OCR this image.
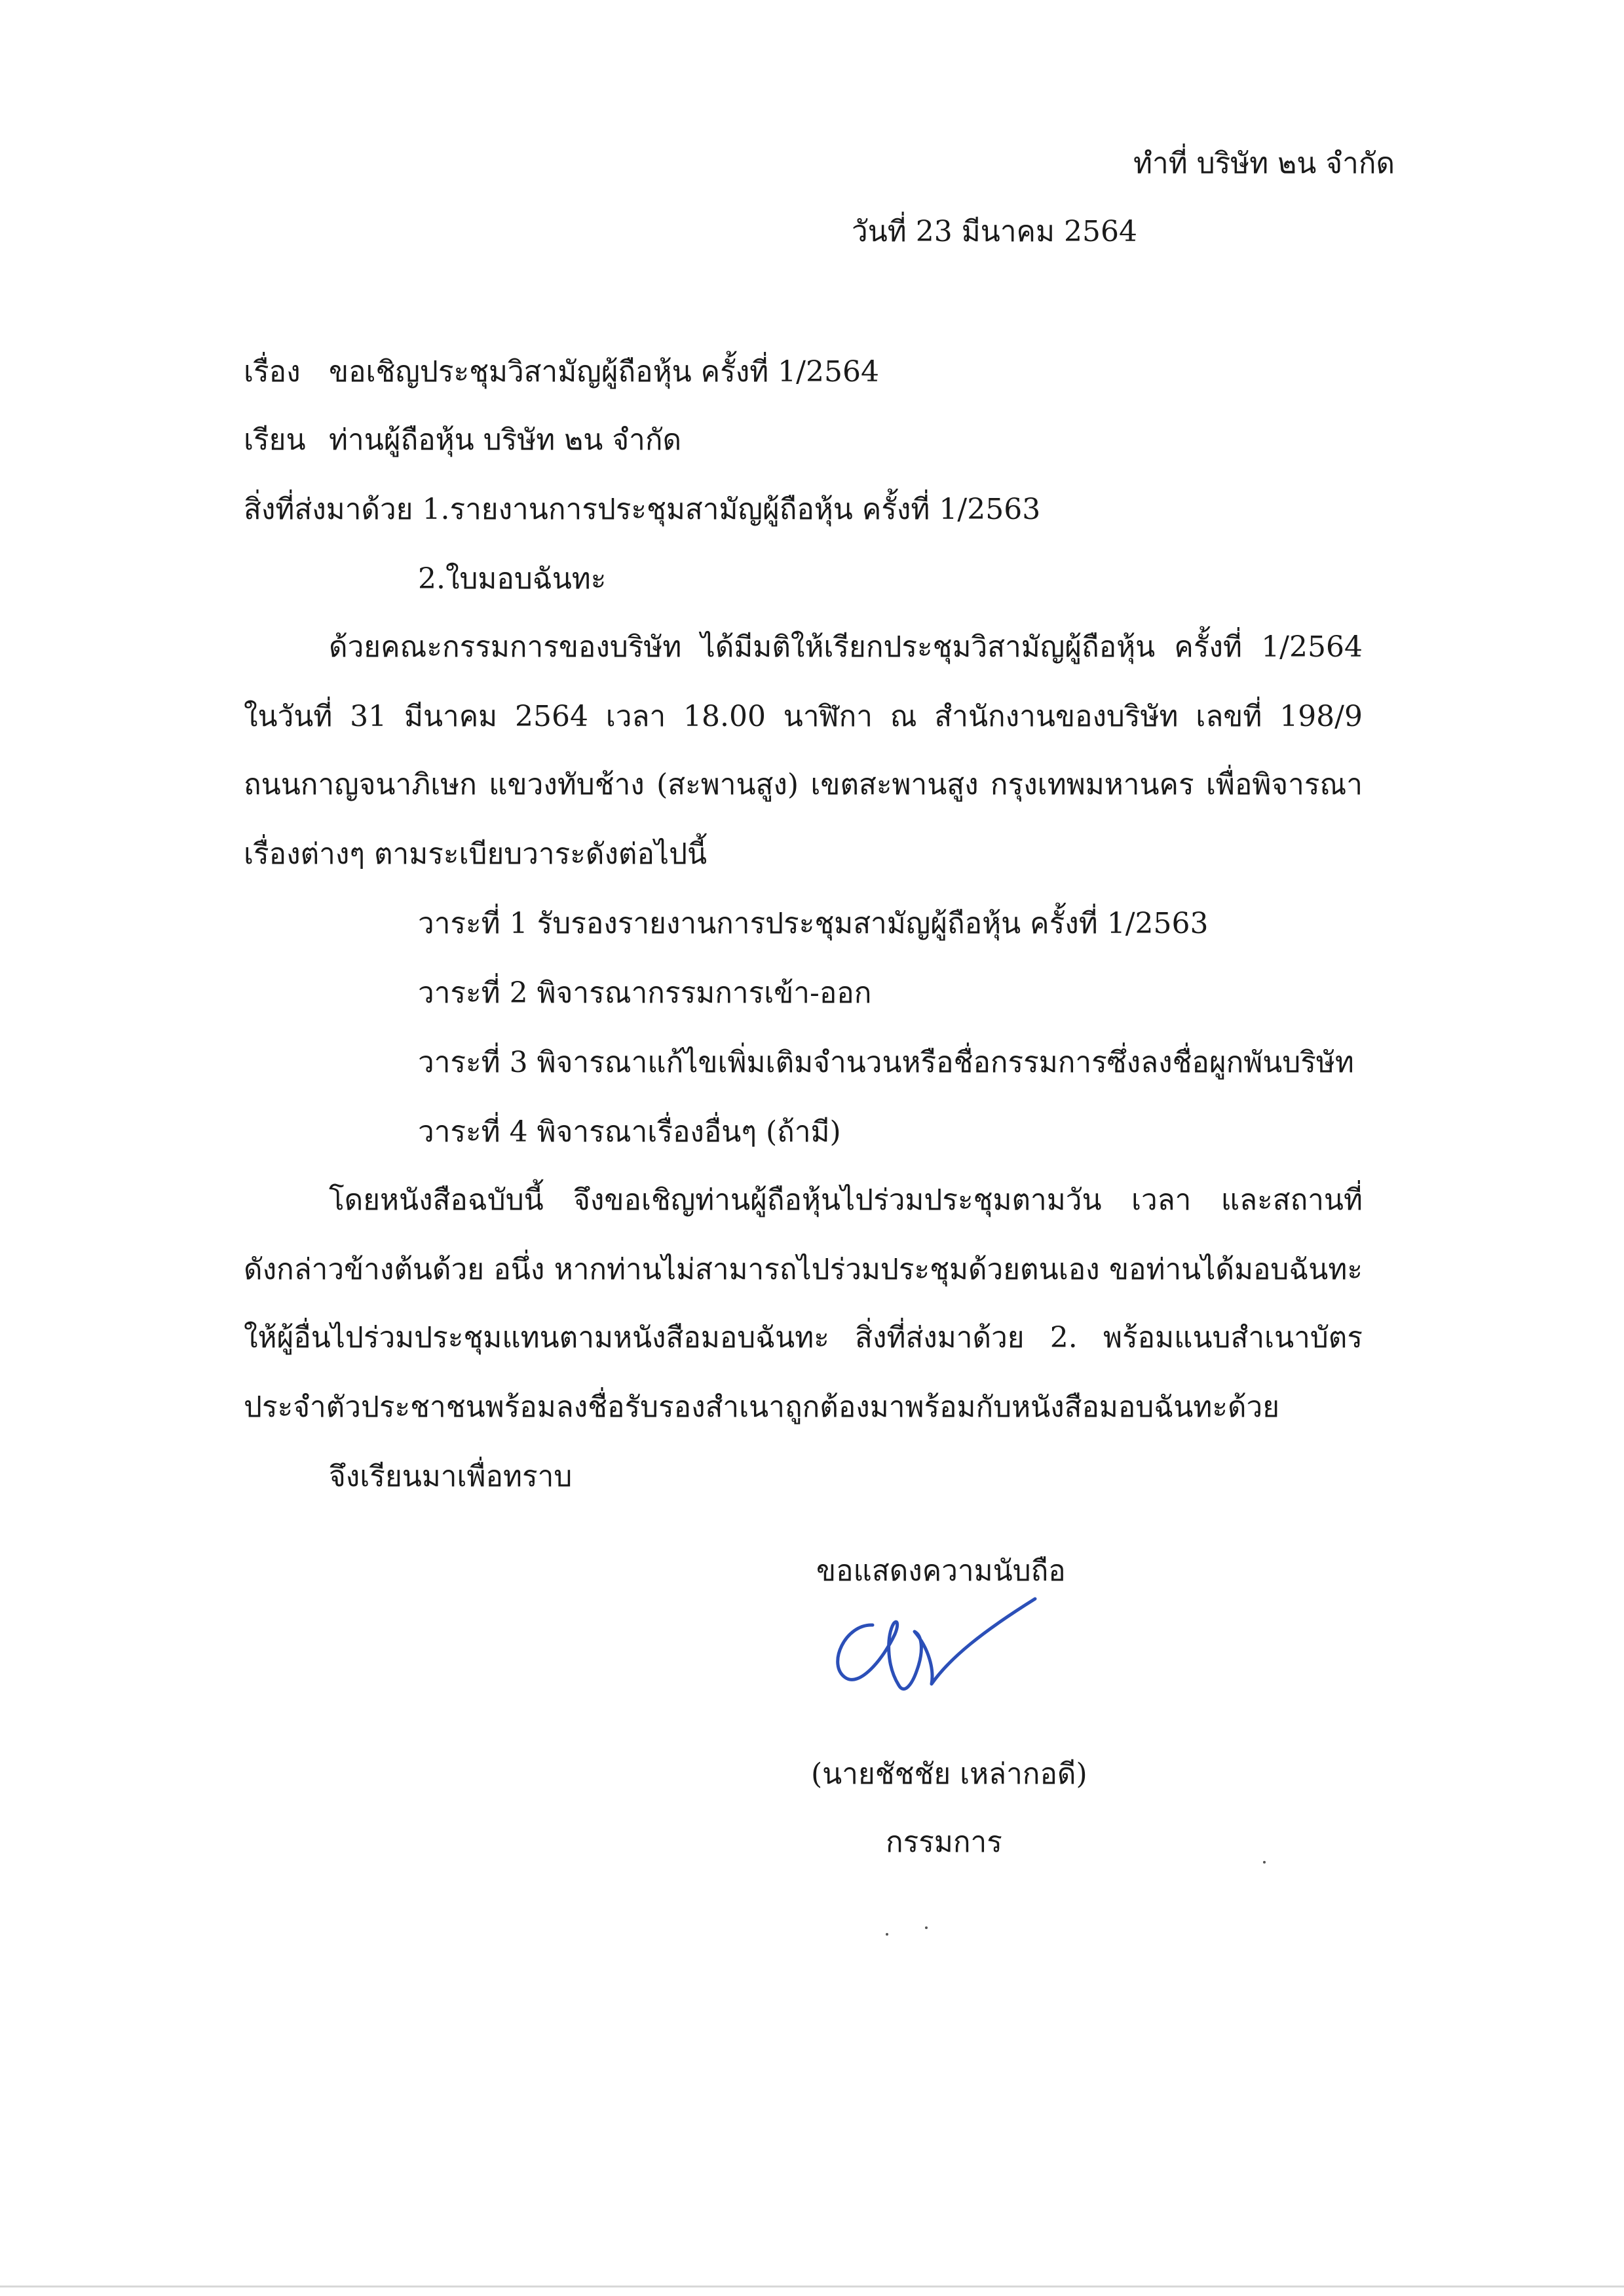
ทำที่ บริษัท ๒น จำกัด
วันที่ 23 มีนาคม 2564
เรื่อง ขอเชิญประชุมวิสามัญผู้ถือหุ้น ครั้งที่ 1/2564
เรียน ท่านผู้ถือหุ้น บริษัท ๒น จำกัด
สิ่งที่ส่งมาด้วย 1.รายงานการประชุมสามัญผู้ถือหุ้น ครั้งที่ 1/2563
2.ใบมอบฉันทะ
ด้วยคณะกรรมการของบริษัท ได้มีมติให้เรียกประชุมวิสามัญผู้ถือหุ้น ครั้งที่ 1/2564
ในวันที่ 31 มีนาคม 2564 เวลา 18.00 นาฬิกา ณ สำนักงานของบริษัท เลขที่ 198/9
ถนนกาญจนาภิเษก แขวงทับช้าง (สะพานสูง) เขตสะพานสูง กรุงเทพมหานคร เพื่อพิจารณา
เรื่องต่างๆ ตามระเบียบวาระดังต่อไปนี้
วาระที่ 1 รับรองรายงานการประชุมสามัญผู้ถือหุ้น ครั้งที่ 1/2563
วาระที่ 2 พิจารณากรรมการเข้า-ออก
วาระที่ 3 พิจารณาแก้ไขเพิ่มเติมจำนวนหรือชื่อกรรมการซึ่งลงชื่อผูกพันบริษัท
วาระที่ 4 พิจารณาเรื่องอื่นๆ (ถ้ามี)
โดยหนังสือฉบับนี้ จึงขอเชิญท่านผู้ถือหุ้นไปร่วมประชุมตามวัน เวลา และสถานที่
ดังกล่าวข้างต้นด้วย อนึ่ง หากท่านไม่สามารถไปร่วมประชุมด้วยตนเอง ขอท่านได้มอบฉันทะ
ให้ผู้อื่นไปร่วมประชุมแทนตามหนังสือมอบฉันทะ สิ่งที่ส่งมาด้วย 2. พร้อมแนบสำเนาบัตร
ประจำตัวประชาชนพร้อมลงชื่อรับรองสำเนาถูกต้องมาพร้อมกับหนังสือมอบฉันทะด้วย
จึงเรียนมาเพื่อทราบ
ขอแสดงความนับถือ
(นายชัชชัย เหล่ากอดี)
กรรมการ
